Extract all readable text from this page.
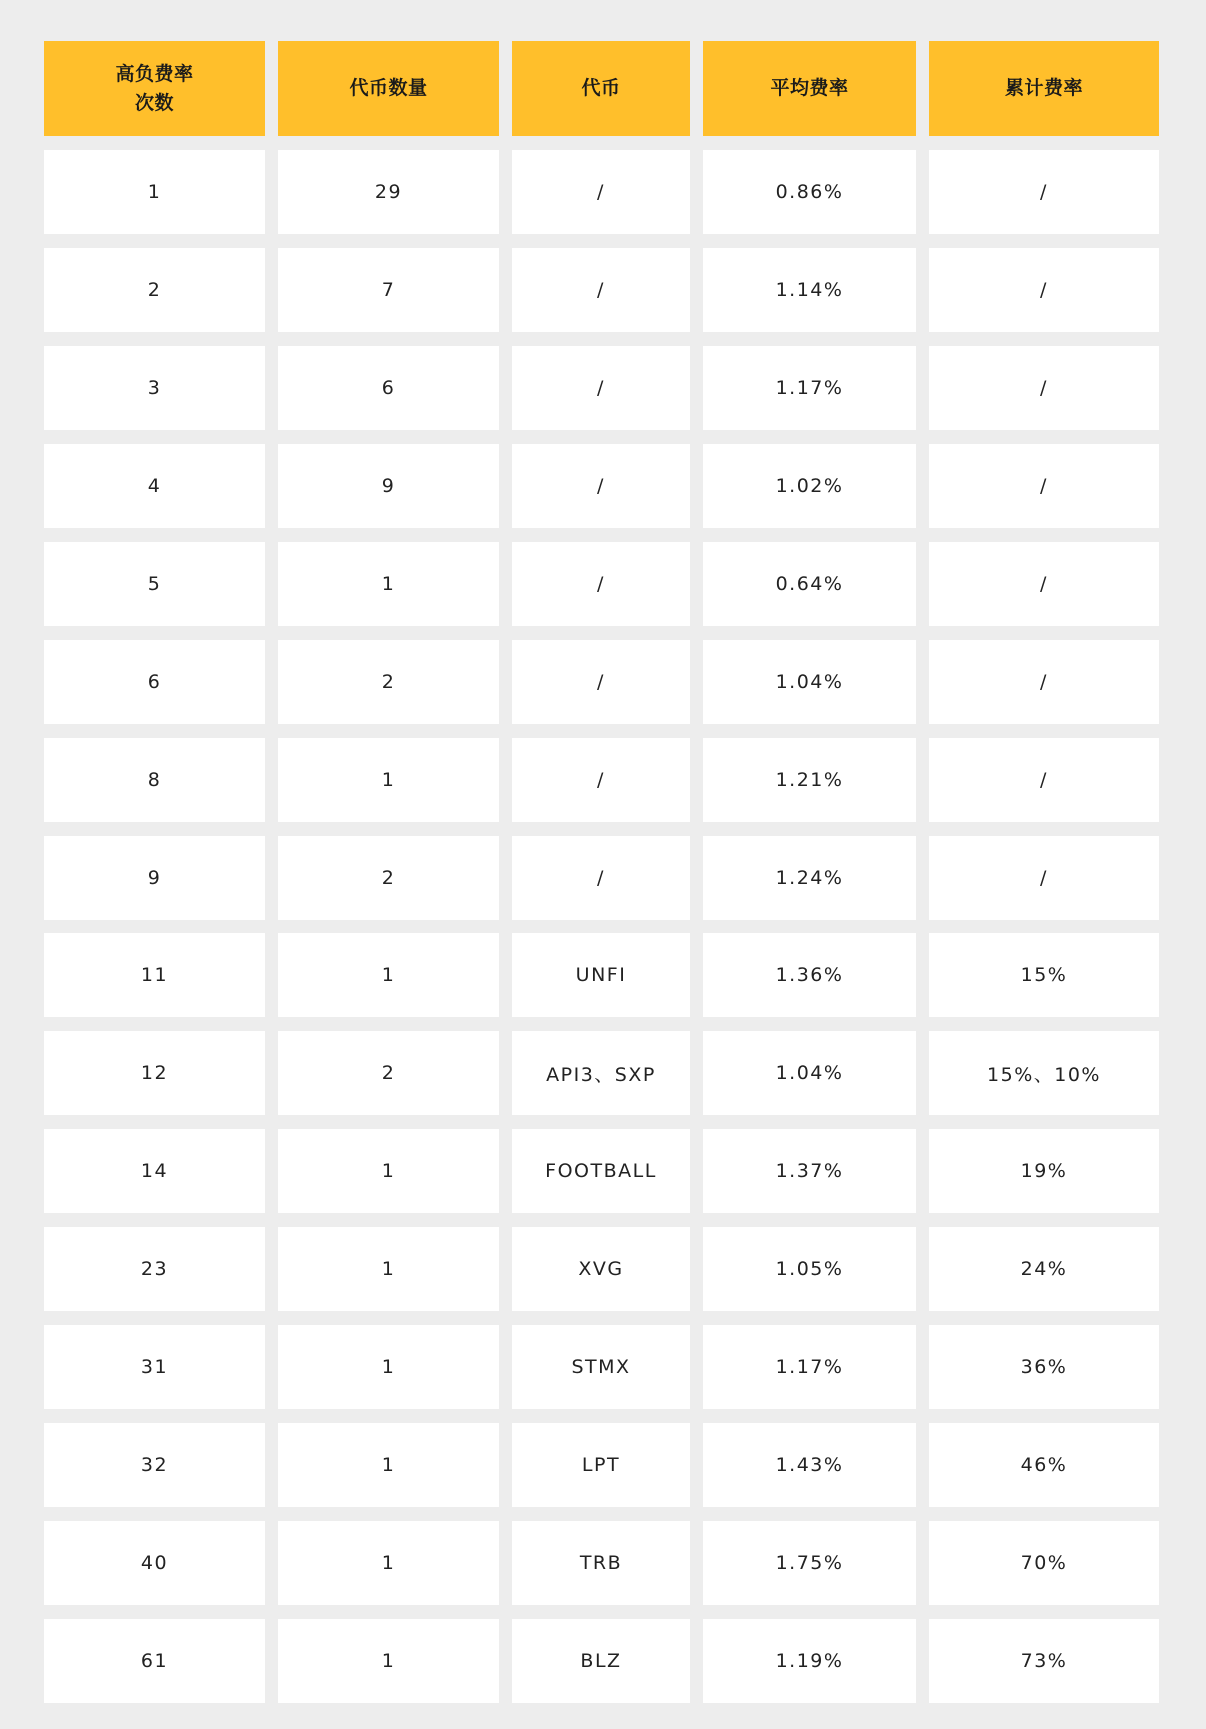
高负费率
次数
代币数量	代币	平均费率	累计费率
1	29	/	0.86%	/
2	7	/	1.14%	/
3	6	/	1.17%	/
4	9	/	1.02%	/
5	1	/	0.64%	/
6	2	/	1.04%	/
8	1	/	1.21%	/
9	2	/	1.24%	/
11	1	UNFI	1.36%	15%
12	2	API3、SXP	1.04%	15%、10%
14	1	FOOTBALL	1.37%	19%
23	1	XVG	1.05%	24%
31	1	STMX	1.17%	36%
32	1	LPT	1.43%	46%
40	1	TRB	1.75%	70%
61	1	BLZ	1.19%	73%
